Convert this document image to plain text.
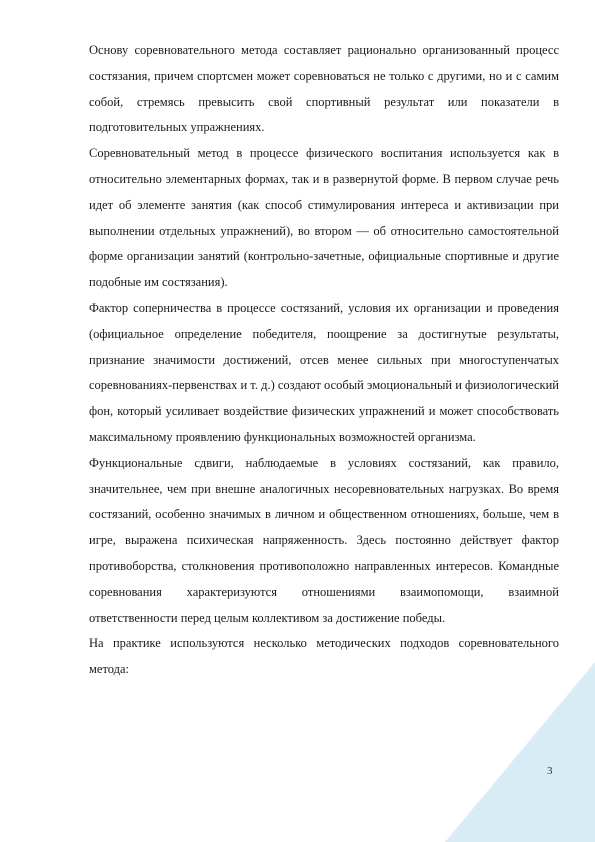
Основу соревновательного метода составляет рационально организованный процесс состязания, причем спортсмен может соревноваться не только с другими, но и с самим собой, стремясь превысить свой спортивный результат или показатели в подготовительных упражнениях.

Соревновательный метод в процессе физического воспитания используется как в относительно элементарных формах, так и в развернутой форме. В первом случае речь идет об элементе занятия (как способ стимулирования интереса и активизации при выполнении отдельных упражнений), во втором — об относительно самостоятельной форме организации занятий (контрольно-зачетные, официальные спортивные и другие подобные им состязания).

Фактор соперничества в процессе состязаний, условия их организации и проведения (официальное определение победителя, поощрение за достигнутые результаты, признание значимости достижений, отсев менее сильных при многоступенчатых соревнованиях-первенствах и т. д.) создают особый эмоциональный и физиологический фон, который усиливает воздействие физических упражнений и может способствовать максимальному проявлению функциональных возможностей организма.

Функциональные сдвиги, наблюдаемые в условиях состязаний, как правило, значительнее, чем при внешне аналогичных несоревновательных нагрузках. Во время состязаний, особенно значимых в личном и общественном отношениях, больше, чем в игре, выражена психическая напряженность. Здесь постоянно действует фактор противоборства, столкновения противоположно направленных интересов. Командные соревнования характеризуются отношениями взаимопомощи, взаимной ответственности перед целым коллективом за достижение победы.

На практике используются несколько методических подходов соревновательного метода:

3
